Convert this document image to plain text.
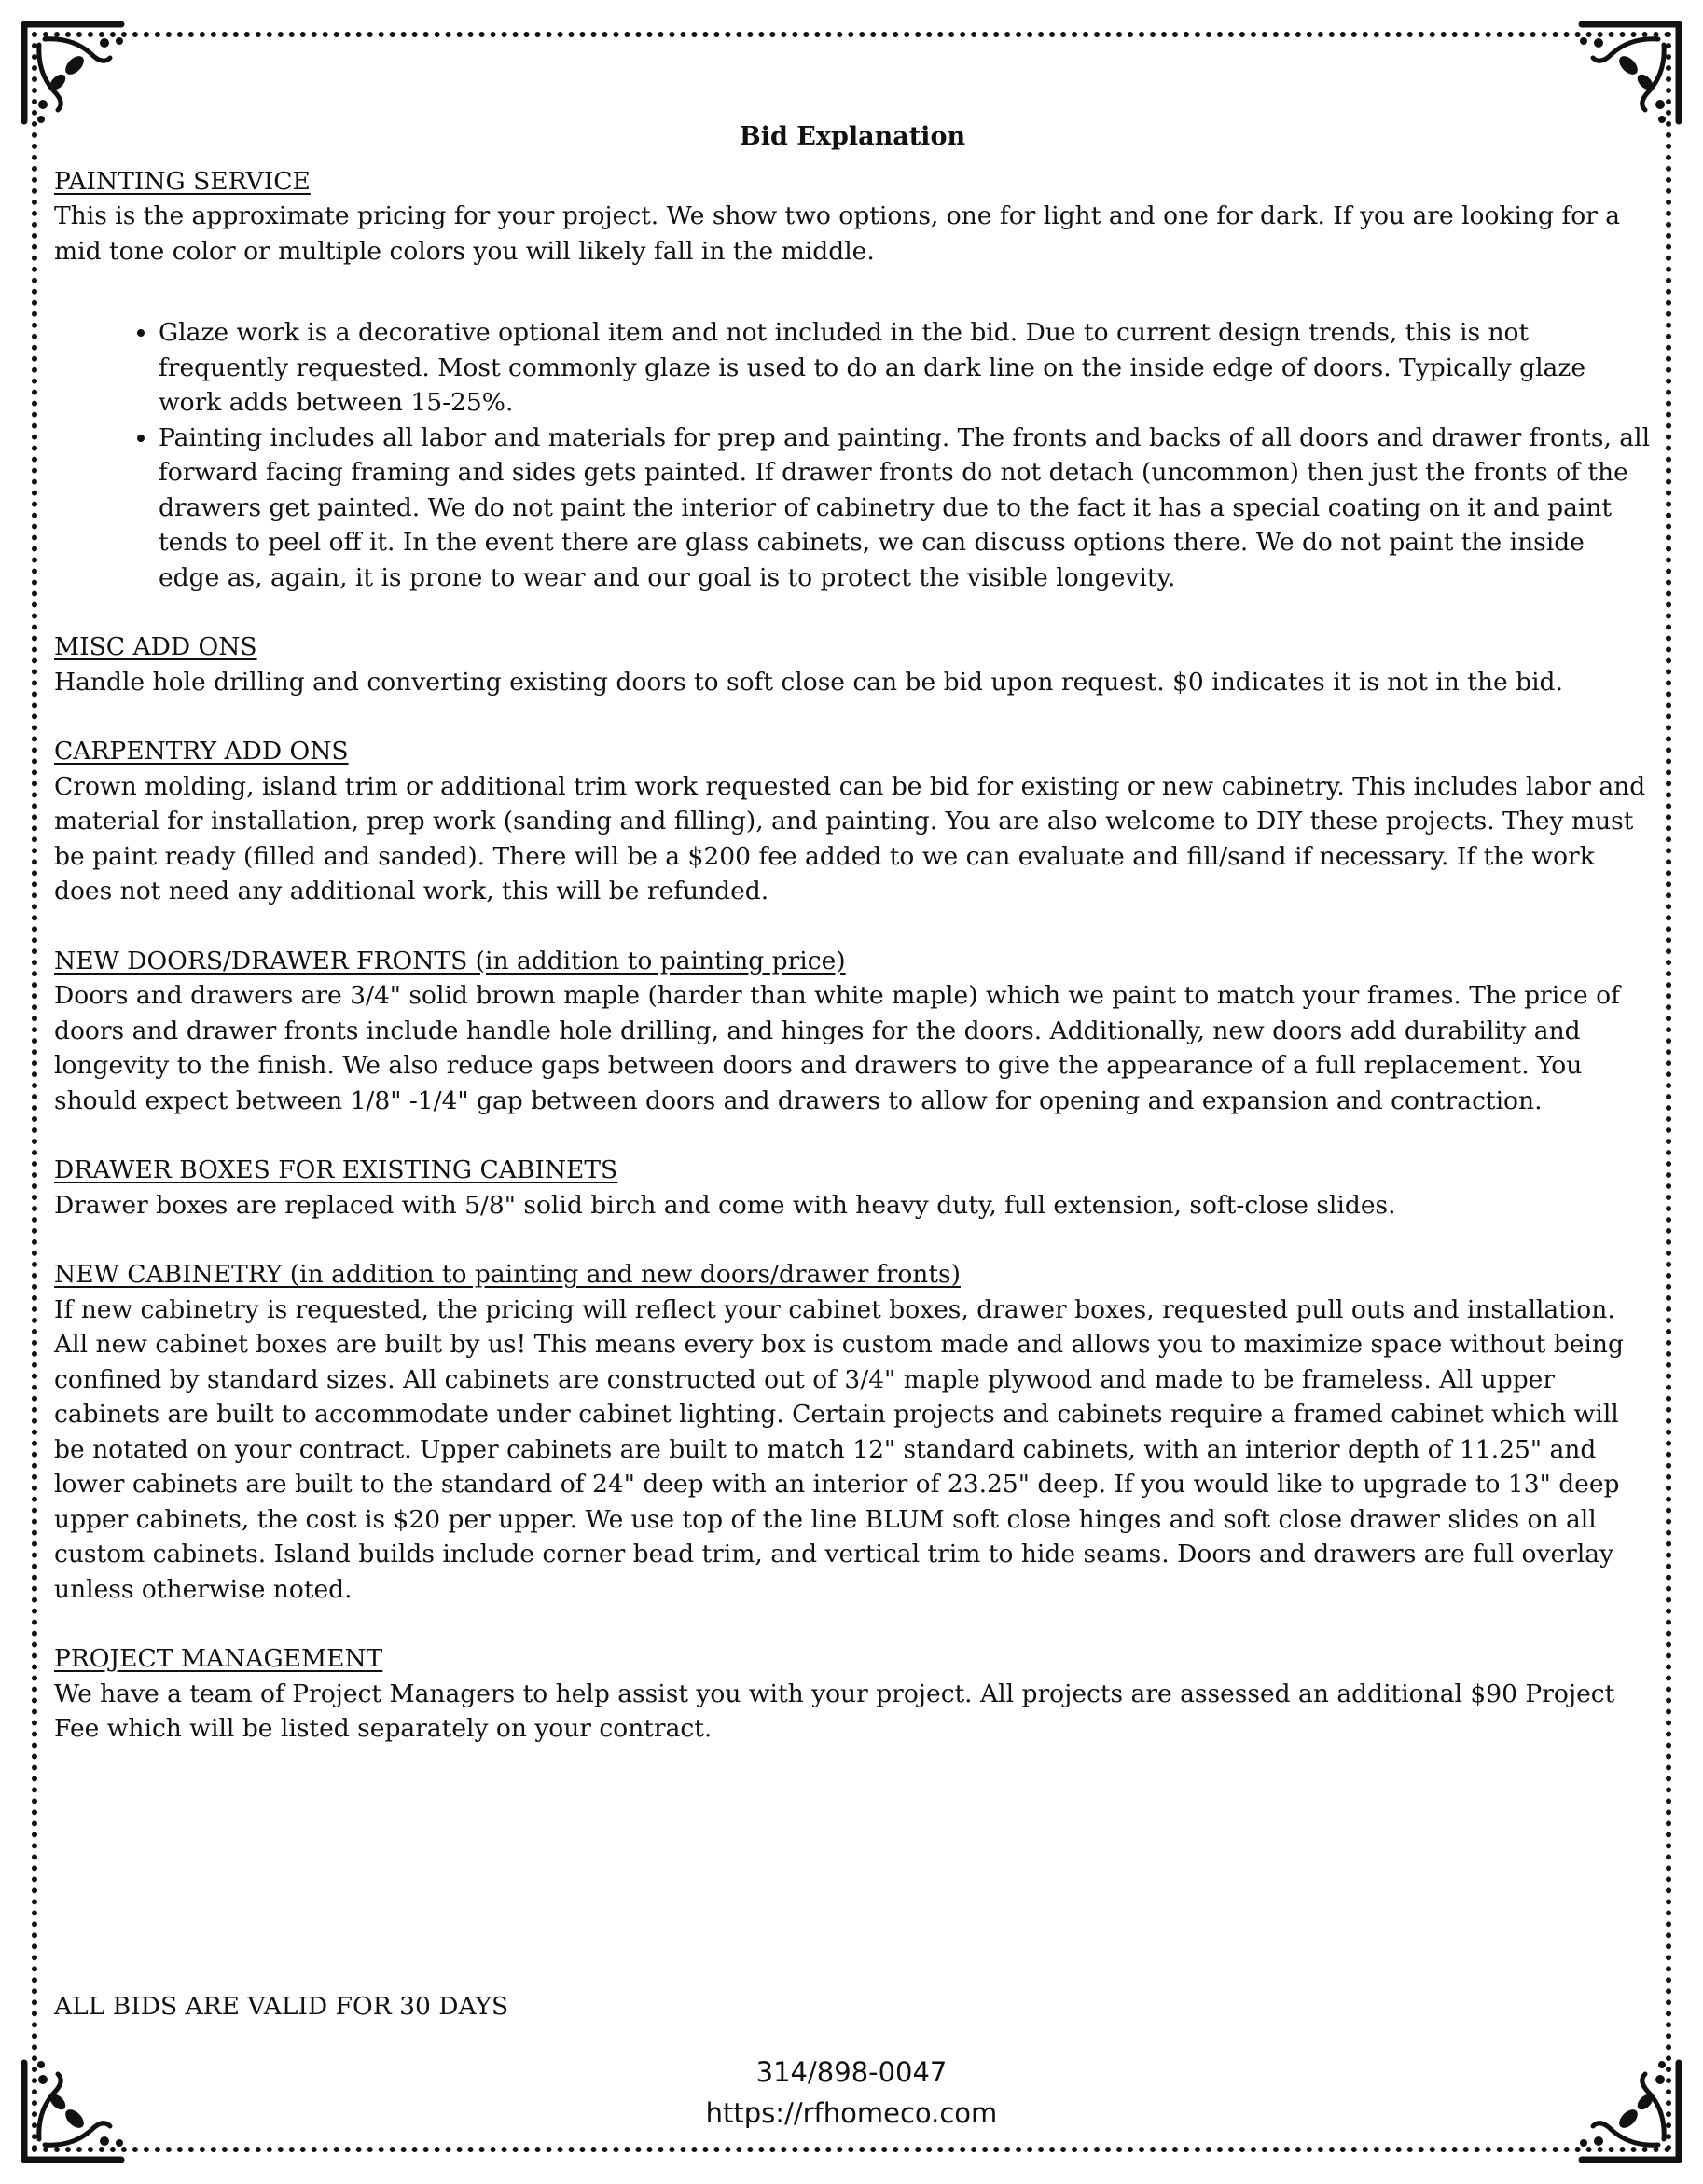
Bid Explanation
PAINTING SERVICE

This is the approximate pricing for your project. We show two options, one for light and one for dark. If you are looking for a mid tone color or multiple colors you will likely fall in the middle.

• Glaze work is a decorative optional item and not included in the bid. Due to current design trends, this is not frequently requested. Most commonly glaze is used to do an dark line on the inside edge of doors. Typically glaze work adds between 15-25%.
• Painting includes all labor and materials for prep and painting. The fronts and backs of all doors and drawer fronts, all forward facing framing and sides gets painted. If drawer fronts do not detach (uncommon) then just the fronts of the drawers get painted. We do not paint the interior of cabinetry due to the fact it has a special coating on it and paint tends to peel off it. In the event there are glass cabinets, we can discuss options there. We do not paint the inside edge as, again, it is prone to wear and our goal is to protect the visible longevity.
MISC ADD ONS

Handle hole drilling and converting existing doors to soft close can be bid upon request. $0 indicates it is not in the bid.

CARPENTRY ADD ONS

Crown molding, island trim or additional trim work requested can be bid for existing or new cabinetry. This includes labor and material for installation, prep work (sanding and filling), and painting. You are also welcome to DIY these projects. They must be paint ready (filled and sanded). There will be a $200 fee added to we can evaluate and fill/sand if necessary. If the work does not need any additional work, this will be refunded.

NEW DOORS/DRAWER FRONTS (in addition to painting price)

Doors and drawers are 3/4" solid brown maple (harder than white maple) which we paint to match your frames. The price of doors and drawer fronts include handle hole drilling, and hinges for the doors. Additionally, new doors add durability and longevity to the finish. We also reduce gaps between doors and drawers to give the appearance of a full replacement. You should expect between 1/8" -1/4" gap between doors and drawers to allow for opening and expansion and contraction.

DRAWER BOXES FOR EXISTING CABINETS

Drawer boxes are replaced with 5/8" solid birch and come with heavy duty, full extension, soft-close slides.

NEW CABINETRY (in addition to painting and new doors/drawer fronts)

If new cabinetry is requested, the pricing will reflect your cabinet boxes, drawer boxes, requested pull outs and installation. All new cabinet boxes are built by us! This means every box is custom made and allows you to maximize space without being confined by standard sizes. All cabinets are constructed out of 3/4" maple plywood and made to be frameless. All upper cabinets are built to accommodate under cabinet lighting. Certain projects and cabinets require a framed cabinet which will be notated on your contract. Upper cabinets are built to match 12" standard cabinets, with an interior depth of 11.25" and lower cabinets are built to the standard of 24" deep with an interior of 23.25" deep. If you would like to upgrade to 13" deep upper cabinets, the cost is $20 per upper. We use top of the line BLUM soft close hinges and soft close drawer slides on all custom cabinets. Island builds include corner bead trim, and vertical trim to hide seams. Doors and drawers are full overlay unless otherwise noted.

PROJECT MANAGEMENT

We have a team of Project Managers to help assist you with your project. All projects are assessed an additional $90 Project Fee which will be listed separately on your contract.

ALL BIDS ARE VALID FOR 30 DAYS
314/898-0047
https://rfhomeco.com
